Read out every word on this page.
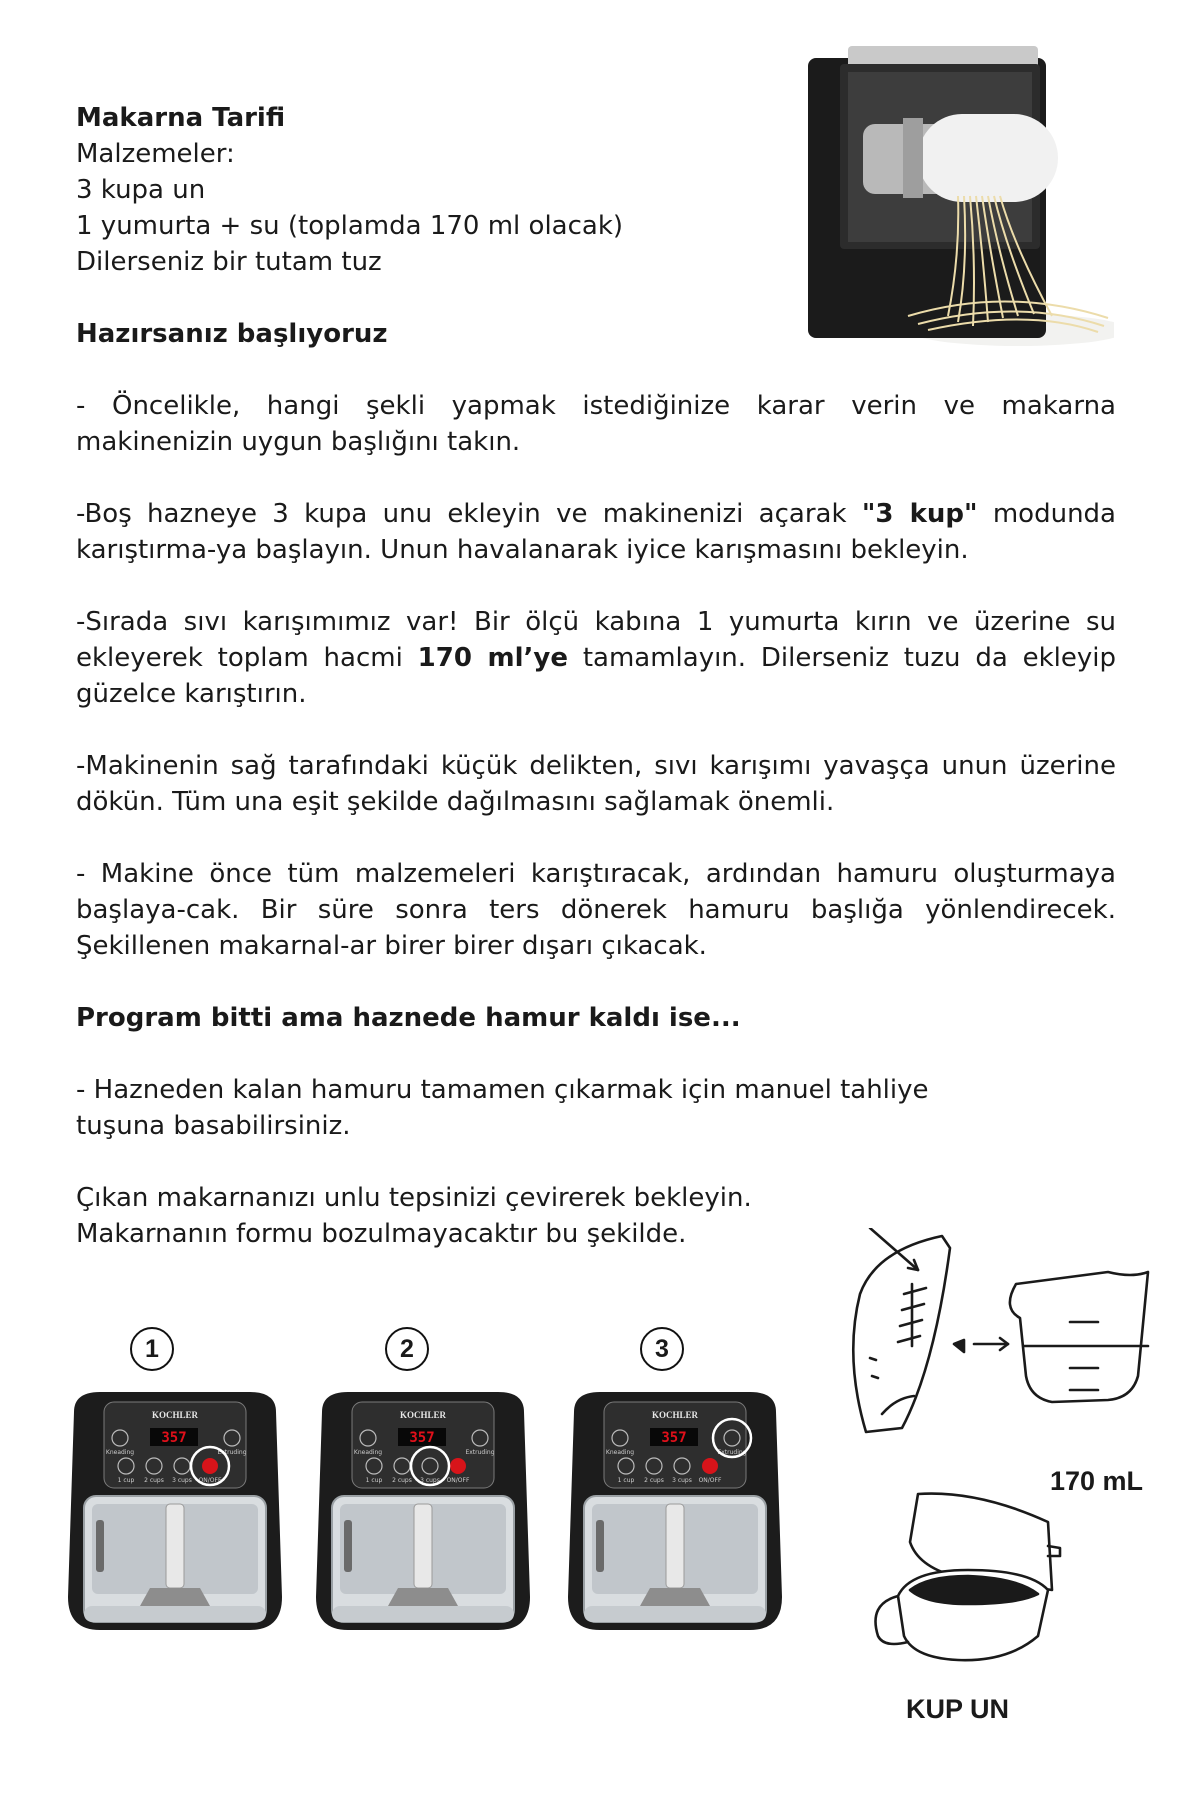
Makarna Tarifi

Malzemeler:

3 kupa un

1 yumurta + su (toplamda 170 ml olacak)

Dilerseniz bir tutam tuz

Hazırsanız başlıyoruz

- Öncelikle, hangi şekli yapmak istediğinize karar verin ve makarna makinenizin uygun başlığını takın.

-Boş hazneye 3 kupa unu ekleyin ve makinenizi açarak "3 kup" modunda karıştırma-ya başlayın. Unun havalanarak iyice karışmasını bekleyin.

-Sırada sıvı karışımımız var! Bir ölçü kabına 1 yumurta kırın ve üzerine su ekleyerek toplam hacmi 170 ml’ye tamamlayın. Dilerseniz tuzu da ekleyip güzelce karıştırın.

-Makinenin sağ tarafındaki küçük delikten, sıvı karışımı yavaşça unun üzerine dökün. Tüm una eşit şekilde dağılmasını sağlamak önemli.

- Makine önce tüm malzemeleri karıştıracak, ardından hamuru oluşturmaya başlaya-cak. Bir süre sonra ters dönerek hamuru başlığa yönlendirecek. Şekillenen makarnal-ar birer birer dışarı çıkacak.

Program bitti ama haznede hamur kaldı ise...

- Hazneden kalan hamuru tamamen çıkarmak için manuel tahliye tuşuna basabilirsiniz.

Çıkan makarnanızı unlu tepsinizi çevirerek bekleyin.

Makarnanın formu bozulmayacaktır bu şekilde.

1	2	3
KOCHLER
Kneading
357
Extruding
1 cup 2 cups 3 cups ON/OFF
KOCHLER
Kneading
357
Extruding
1 cup 2 cups 3 cups ON/OFF
KOCHLER
Kneading
357
Extruding
1 cup 2 cups 3 cups ON/OFF	170 mL
KUP UN
